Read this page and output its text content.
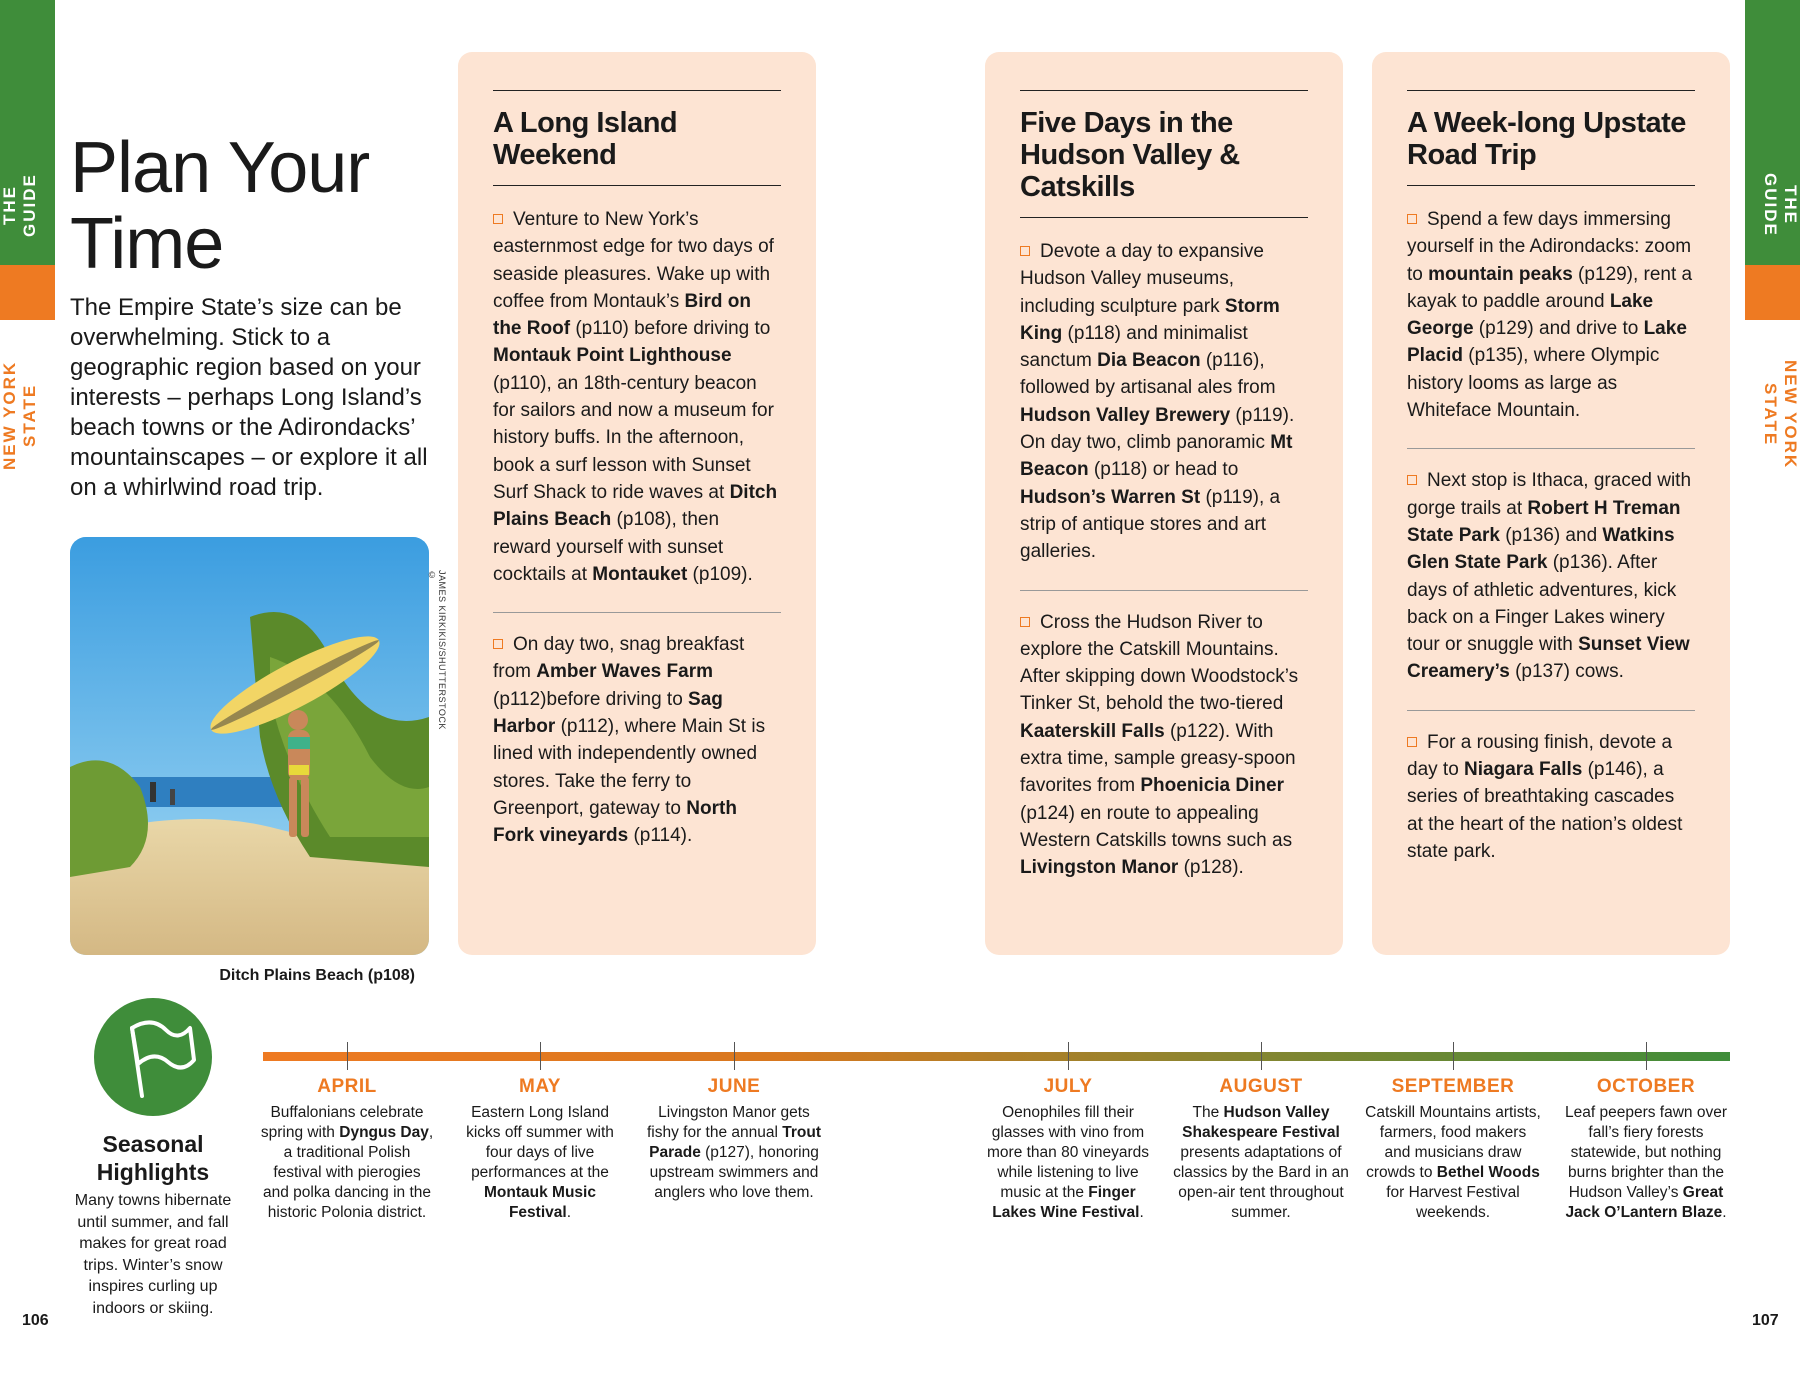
THE GUIDE
NEW YORK STATE
THE GUIDE
NEW YORK STATE
Plan Your
Time
The Empire State’s size can be overwhelming. Stick to a geographic region based on your interests – perhaps Long Island’s beach towns or the Adirondacks’ mountainscapes – or explore it all on a whirlwind road trip.
JAMES KIRKIKIS/SHUTTERSTOCK ©
Ditch Plains Beach (p108)
A Long Island Weekend

Venture to New York’s easternmost edge for two days of seaside pleasures. Wake up with coffee from Montauk’s Bird on the Roof (p110) before driving to Montauk Point Lighthouse (p110), an 18th-century beacon for sailors and now a museum for history buffs. In the afternoon, book a surf lesson with Sunset Surf Shack to ride waves at Ditch Plains Beach (p108), then reward yourself with sunset cocktails at Montauket (p109).

On day two, snag breakfast from Amber Waves Farm (p112)before driving to Sag Harbor (p112), where Main St is lined with independently owned stores. Take the ferry to Greenport, gateway to North Fork vineyards (p114).

Five Days in the Hudson Valley & Catskills

Devote a day to expansive Hudson Valley museums, including sculpture park Storm King (p118) and minimalist sanctum Dia Beacon (p116), followed by artisanal ales from Hudson Valley Brewery (p119). On day two, climb panoramic Mt Beacon (p118) or head to Hudson’s Warren St (p119), a strip of antique stores and art galleries.

Cross the Hudson River to explore the Catskill Mountains. After skipping down Woodstock’s Tinker St, behold the two-tiered Kaaterskill Falls (p122). With extra time, sample greasy-spoon favorites from Phoenicia Diner (p124) en route to appealing Western Catskills towns such as Livingston Manor (p128).

A Week-long Upstate Road Trip

Spend a few days immersing yourself in the Adirondacks: zoom to mountain peaks (p129), rent a kayak to paddle around Lake George (p129) and drive to Lake Placid (p135), where Olympic history looms as large as Whiteface Mountain.

Next stop is Ithaca, graced with gorge trails at Robert H Treman State Park (p136) and Watkins Glen State Park (p136). After days of athletic adventures, kick back on a Finger Lakes winery tour or snuggle with Sunset View Creamery’s (p137) cows.

For a rousing finish, devote a day to Niagara Falls (p146), a series of breathtaking cascades at the heart of the nation’s oldest state park.

Seasonal Highlights
Many towns hibernate until summer, and fall makes for great road trips. Winter’s snow inspires curling up indoors or skiing.
APRIL
Buffalonians celebrate spring with Dyngus Day, a traditional Polish festival with pierogies and polka dancing in the historic Polonia district.
MAY
Eastern Long Island kicks off summer with four days of live performances at the Montauk Music Festival.
JUNE
Livingston Manor gets fishy for the annual Trout Parade (p127), honoring upstream swimmers and anglers who love them.
JULY
Oenophiles fill their glasses with vino from more than 80 vineyards while listening to live music at the Finger Lakes Wine Festival.
AUGUST
The Hudson Valley Shakespeare Festival presents adaptations of classics by the Bard in an open-air tent throughout summer.
SEPTEMBER
Catskill Mountains artists, farmers, food makers and musicians draw crowds to Bethel Woods for Harvest Festival weekends.
OCTOBER
Leaf peepers fawn over fall’s fiery forests statewide, but nothing burns brighter than the Hudson Valley’s Great Jack O’Lantern Blaze.
106	107
